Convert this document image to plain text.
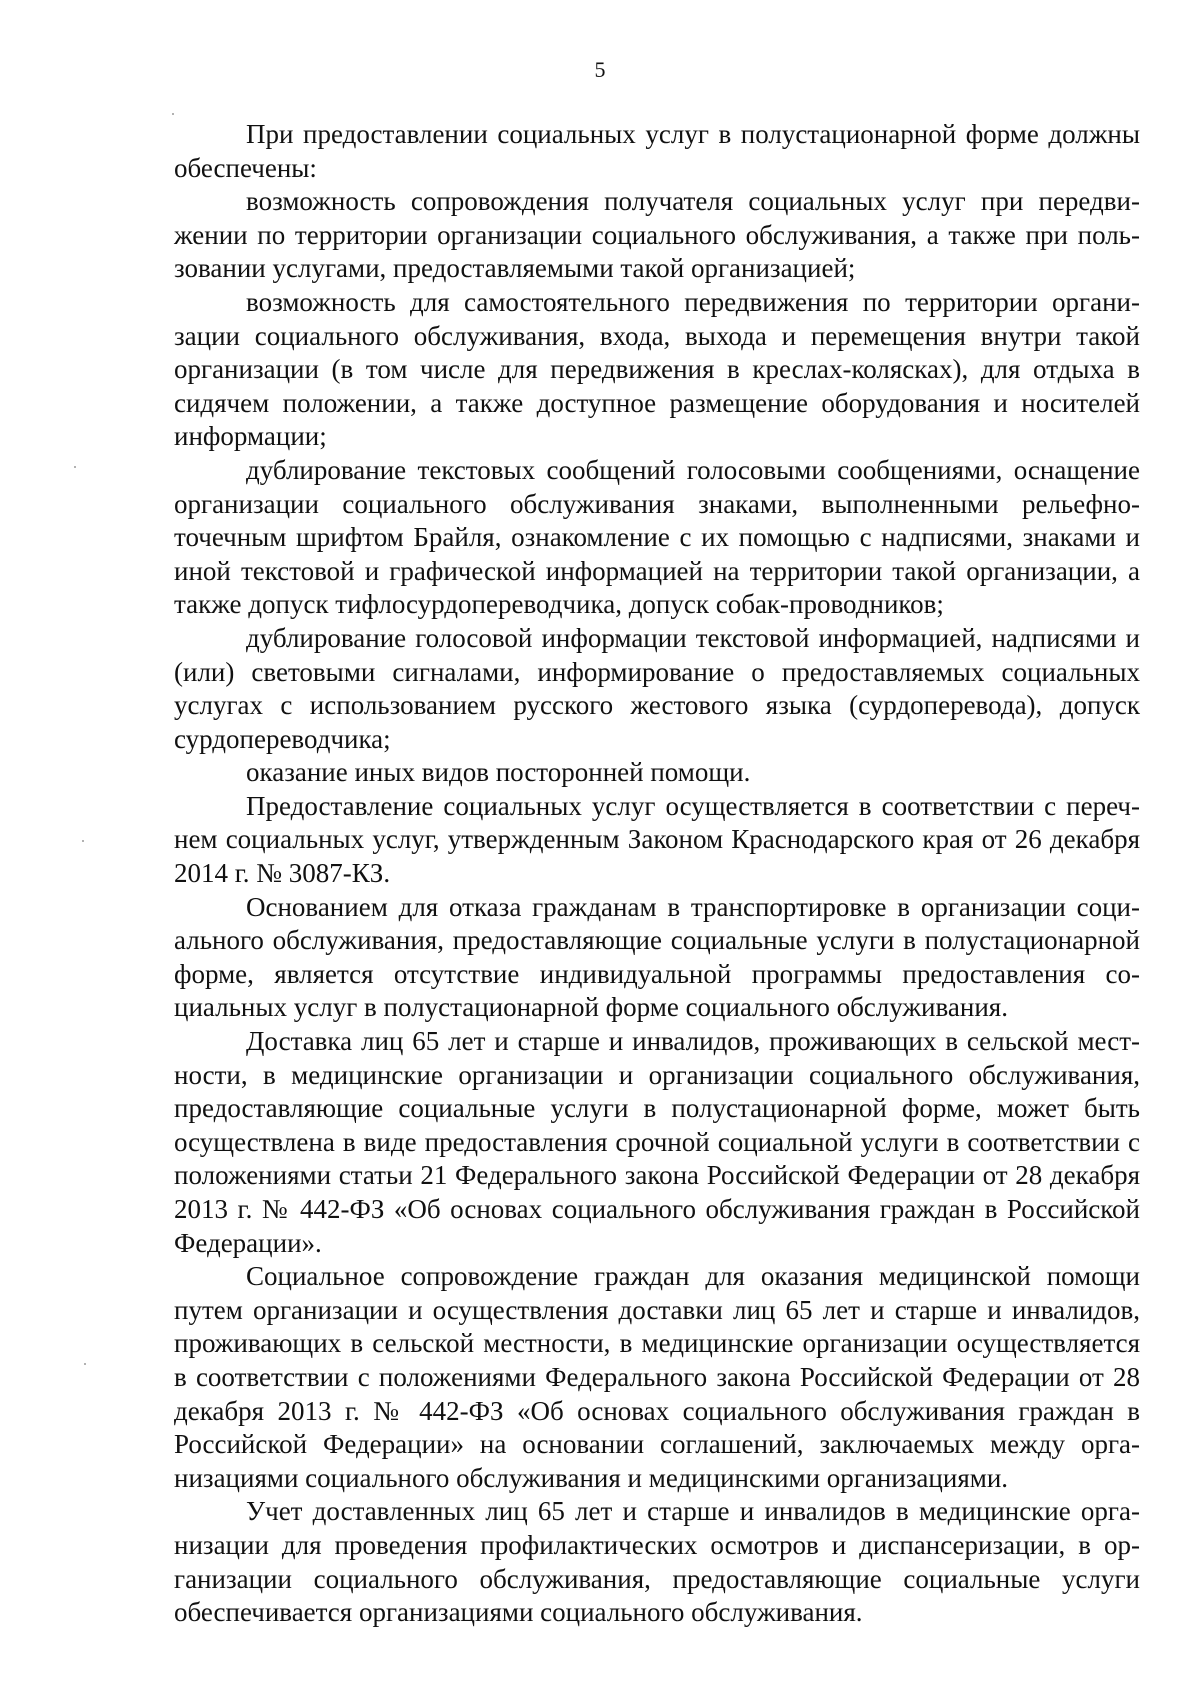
5

При предоставлении социальных услуг в полустационарной форме должны обеспечены:

возможность сопровождения получателя социальных услуг при передвижении по территории организации социального обслуживания, а также при пользовании услугами, предоставляемыми такой организацией;

возможность для самостоятельного передвижения по территории организации социального обслуживания, входа, выхода и перемещения внутри такой организации (в том числе для передвижения в креслах-колясках), для отдыха в сидячем положении, а также доступное размещение оборудования и носителей информации;

дублирование текстовых сообщений голосовыми сообщениями, оснащение организации социального обслуживания знаками, выполненными рельефно-точечным шрифтом Брайля, ознакомление с их помощью с надписями, знаками и иной текстовой и графической информацией на территории такой организации, а также допуск тифлосурдопереводчика, допуск собак-проводников;

дублирование голосовой информации текстовой информацией, надписями и (или) световыми сигналами, информирование о предоставляемых социальных услугах с использованием русского жестового языка (сурдоперевода), допуск сурдопереводчика;

оказание иных видов посторонней помощи.

Предоставление социальных услуг осуществляется в соответствии с перечнем социальных услуг, утвержденным Законом Краснодарского края от 26 декабря 2014 г. № 3087-КЗ.

Основанием для отказа гражданам в транспортировке в организации социального обслуживания, предоставляющие социальные услуги в полустационарной форме, является отсутствие индивидуальной программы предоставления социальных услуг в полустационарной форме социального обслуживания.

Доставка лиц 65 лет и старше и инвалидов, проживающих в сельской местности, в медицинские организации и организации социального обслуживания, предоставляющие социальные услуги в полустационарной форме, может быть осуществлена в виде предоставления срочной социальной услуги в соответствии с положениями статьи 21 Федерального закона Российской Федерации от 28 декабря 2013 г. № 442-ФЗ «Об основах социального обслуживания граждан в Российской Федерации».

Социальное сопровождение граждан для оказания медицинской помощи путем организации и осуществления доставки лиц 65 лет и старше и инвалидов, проживающих в сельской местности, в медицинские организации осуществляется в соответствии с положениями Федерального закона Российской Федерации от 28 декабря 2013 г. № 442-ФЗ «Об основах социального обслуживания граждан в Российской Федерации» на основании соглашений, заключаемых между организациями социального обслуживания и медицинскими организациями.

Учет доставленных лиц 65 лет и старше и инвалидов в медицинские организации для проведения профилактических осмотров и диспансеризации, в организации социального обслуживания, предоставляющие социальные услуги обеспечивается организациями социального обслуживания.
